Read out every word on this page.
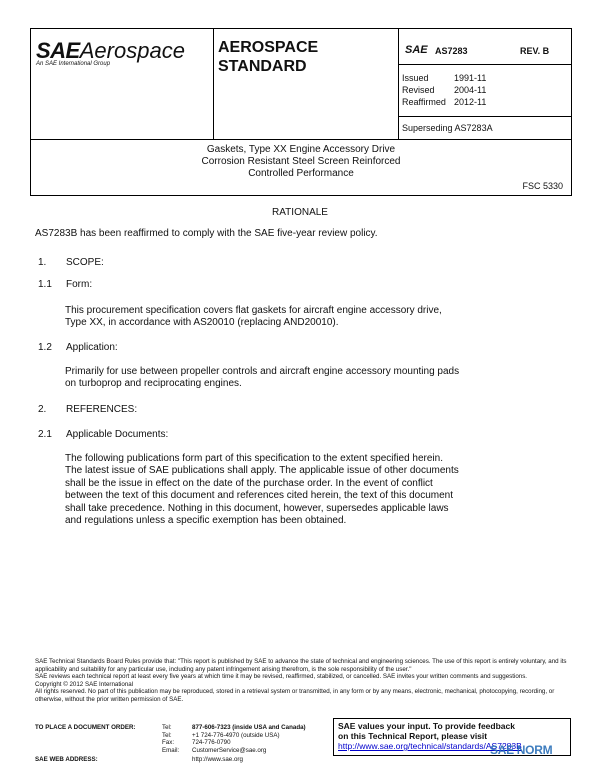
SAEAerospace
An SAE International Group
AEROSPACE
STANDARD
SAE AS7283	REV. B
Issued	1991-11
Revised	2004-11
Reaffirmed 2012-11
Superseding AS7283A
Gaskets, Type XX Engine Accessory Drive
Corrosion Resistant Steel Screen Reinforced
Controlled Performance
FSC 5330
RATIONALE
AS7283B has been reaffirmed to comply with the SAE five-year review policy.
1. SCOPE:
1.1 Form:
This procurement specification covers flat gaskets for aircraft engine accessory drive,
Type XX, in accordance with AS20010 (replacing AND20010).
1.2 Application:
Primarily for use between propeller controls and aircraft engine accessory mounting pads
on turboprop and reciprocating engines.
2. REFERENCES:
2.1 Applicable Documents:
The following publications form part of this specification to the extent specified herein.
The latest issue of SAE publications shall apply. The applicable issue of other documents
shall be the issue in effect on the date of the purchase order. In the event of conflict
between the text of this document and references cited herein, the text of this document
shall take precedence. Nothing in this document, however, supersedes applicable laws
and regulations unless a specific exemption has been obtained.
SAE Technical Standards Board Rules provide that: "This report is published by SAE to advance the state of technical and engineering sciences. The use of this report is entirely voluntary, and its applicability and suitability for any particular use, including any patent infringement arising therefrom, is the sole responsibility of the user."
SAE reviews each technical report at least every five years at which time it may be revised, reaffirmed, stabilized, or cancelled. SAE invites your written comments and suggestions.
Copyright © 2012 SAE International
All rights reserved. No part of this publication may be reproduced, stored in a retrieval system or transmitted, in any form or by any means, electronic, mechanical, photocopying, recording, or otherwise, without the prior written permission of SAE.
TO PLACE A DOCUMENT ORDER:	Tel:	877-606-7323 (inside USA and Canada)
Tel:	+1 724-776-4970 (outside USA)
Fax:	724-776-0790
Email:	CustomerService@sae.org
SAE WEB ADDRESS:	http://www.sae.org
SAE values your input. To provide feedback
on this Technical Report, please visit
http://www.sae.org/technical/standards/AS7283B
SAE NORM
